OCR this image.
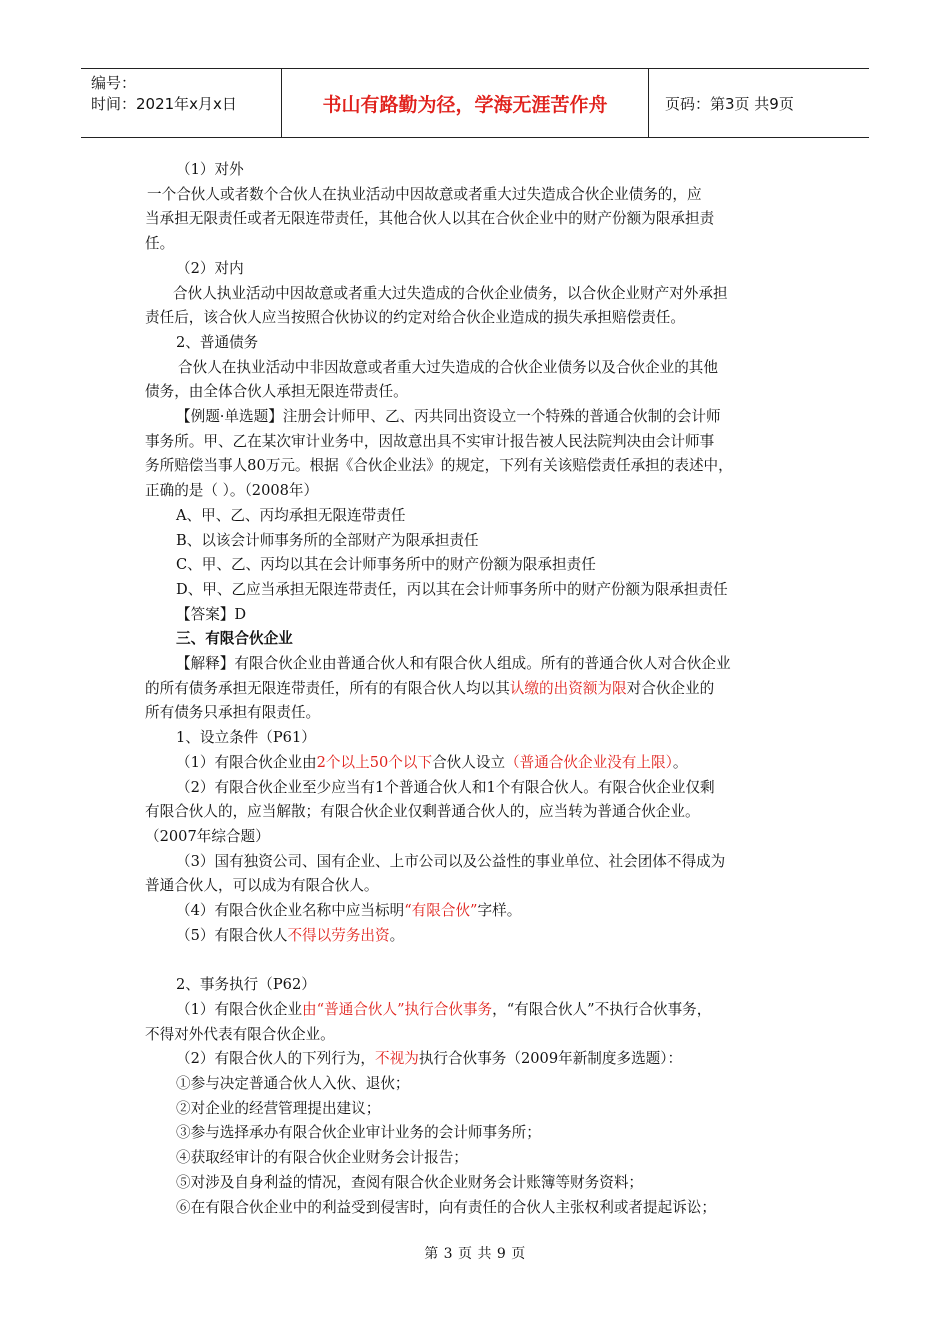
编号：
时间：2021年x月x日	书山有路勤为径，学海无涯苦作舟	页码：第3页 共9页

（1）对外

一个合伙人或者数个合伙人在执业活动中因故意或者重大过失造成合伙企业债务的，应

当承担无限责任或者无限连带责任，其他合伙人以其在合伙企业中的财产份额为限承担责

任。

（2）对内

合伙人执业活动中因故意或者重大过失造成的合伙企业债务，以合伙企业财产对外承担

责任后，该合伙人应当按照合伙协议的约定对给合伙企业造成的损失承担赔偿责任。

2、普通债务

合伙人在执业活动中非因故意或者重大过失造成的合伙企业债务以及合伙企业的其他

债务，由全体合伙人承担无限连带责任。

【例题·单选题】注册会计师甲、乙、丙共同出资设立一个特殊的普通合伙制的会计师

事务所。甲、乙在某次审计业务中，因故意出具不实审计报告被人民法院判决由会计师事

务所赔偿当事人80万元。根据《合伙企业法》的规定，下列有关该赔偿责任承担的表述中，

正确的是（ ）。（2008年）

A、甲、乙、丙均承担无限连带责任

B、以该会计师事务所的全部财产为限承担责任

C、甲、乙、丙均以其在会计师事务所中的财产份额为限承担责任

D、甲、乙应当承担无限连带责任，丙以其在会计师事务所中的财产份额为限承担责任

【答案】D

三、有限合伙企业

【解释】有限合伙企业由普通合伙人和有限合伙人组成。所有的普通合伙人对合伙企业

的所有债务承担无限连带责任，所有的有限合伙人均以其认缴的出资额为限对合伙企业的

所有债务只承担有限责任。

1、设立条件（P61）

（1）有限合伙企业由2个以上50个以下合伙人设立（普通合伙企业没有上限）。

（2）有限合伙企业至少应当有1个普通合伙人和1个有限合伙人。有限合伙企业仅剩

有限合伙人的，应当解散；有限合伙企业仅剩普通合伙人的，应当转为普通合伙企业。

（2007年综合题）

（3）国有独资公司、国有企业、上市公司以及公益性的事业单位、社会团体不得成为

普通合伙人，可以成为有限合伙人。

（4）有限合伙企业名称中应当标明“有限合伙”字样。

（5）有限合伙人不得以劳务出资。

2、事务执行（P62）

（1）有限合伙企业由“普通合伙人”执行合伙事务，“有限合伙人”不执行合伙事务，

不得对外代表有限合伙企业。

（2）有限合伙人的下列行为，不视为执行合伙事务（2009年新制度多选题）：

①参与决定普通合伙人入伙、退伙；

②对企业的经营管理提出建议；

③参与选择承办有限合伙企业审计业务的会计师事务所；

④获取经审计的有限合伙企业财务会计报告；

⑤对涉及自身利益的情况，查阅有限合伙企业财务会计账簿等财务资料；

⑥在有限合伙企业中的利益受到侵害时，向有责任的合伙人主张权利或者提起诉讼；

第 3 页 共 9 页
